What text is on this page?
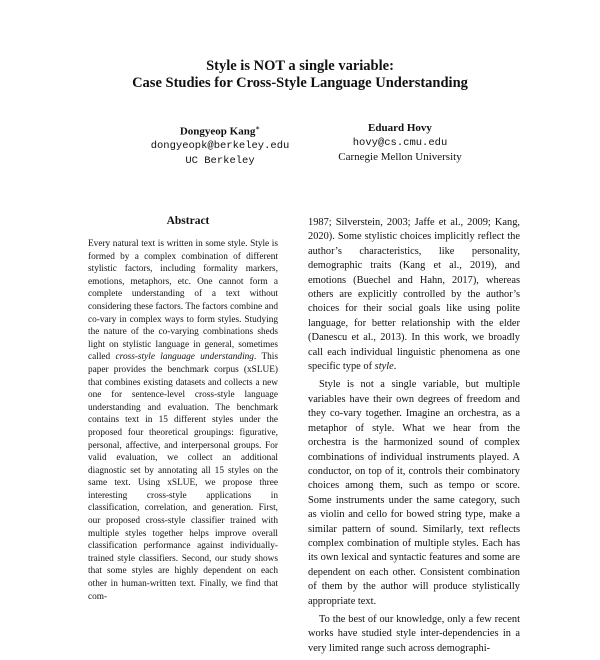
Style is NOT a single variable:
Case Studies for Cross-Style Language Understanding
Dongyeop Kang∗
dongyeopk@berkeley.edu
UC Berkeley
Eduard Hovy
hovy@cs.cmu.edu
Carnegie Mellon University
Abstract

Every natural text is written in some style. Style is formed by a complex combination of different stylistic factors, including formality markers, emotions, metaphors, etc. One cannot form a complete understanding of a text without considering these factors. The factors combine and co-vary in complex ways to form styles. Studying the nature of the co-varying combinations sheds light on stylistic language in general, sometimes called cross-style language understanding. This paper provides the benchmark corpus (xSLUE) that combines existing datasets and collects a new one for sentence-level cross-style language understanding and evaluation. The benchmark contains text in 15 different styles under the proposed four theoretical groupings: figurative, personal, affective, and interpersonal groups. For valid evaluation, we collect an additional diagnostic set by annotating all 15 styles on the same text. Using xSLUE, we propose three interesting cross-style applications in classification, correlation, and generation. First, our proposed cross-style classifier trained with multiple styles together helps improve overall classification performance against individually-trained style classifiers. Second, our study shows that some styles are highly dependent on each other in human-written text. Finally, we find that com-

1987; Silverstein, 2003; Jaffe et al., 2009; Kang, 2020). Some stylistic choices implicitly reflect the author’s characteristics, like personality, demographic traits (Kang et al., 2019), and emotions (Buechel and Hahn, 2017), whereas others are explicitly controlled by the author’s choices for their social goals like using polite language, for better relationship with the elder (Danescu et al., 2013). In this work, we broadly call each individual linguistic phenomena as one specific type of style.

Style is not a single variable, but multiple variables have their own degrees of freedom and they co-vary together. Imagine an orchestra, as a metaphor of style. What we hear from the orchestra is the harmonized sound of complex combinations of individual instruments played. A conductor, on top of it, controls their combinatory choices among them, such as tempo or score. Some instruments under the same category, such as violin and cello for bowed string type, make a similar pattern of sound. Similarly, text reflects complex combination of multiple styles. Each has its own lexical and syntactic features and some are dependent on each other. Consistent combination of them by the author will produce stylistically appropriate text.

To the best of our knowledge, only a few recent works have studied style inter-dependencies in a very limited range such across demographi-
